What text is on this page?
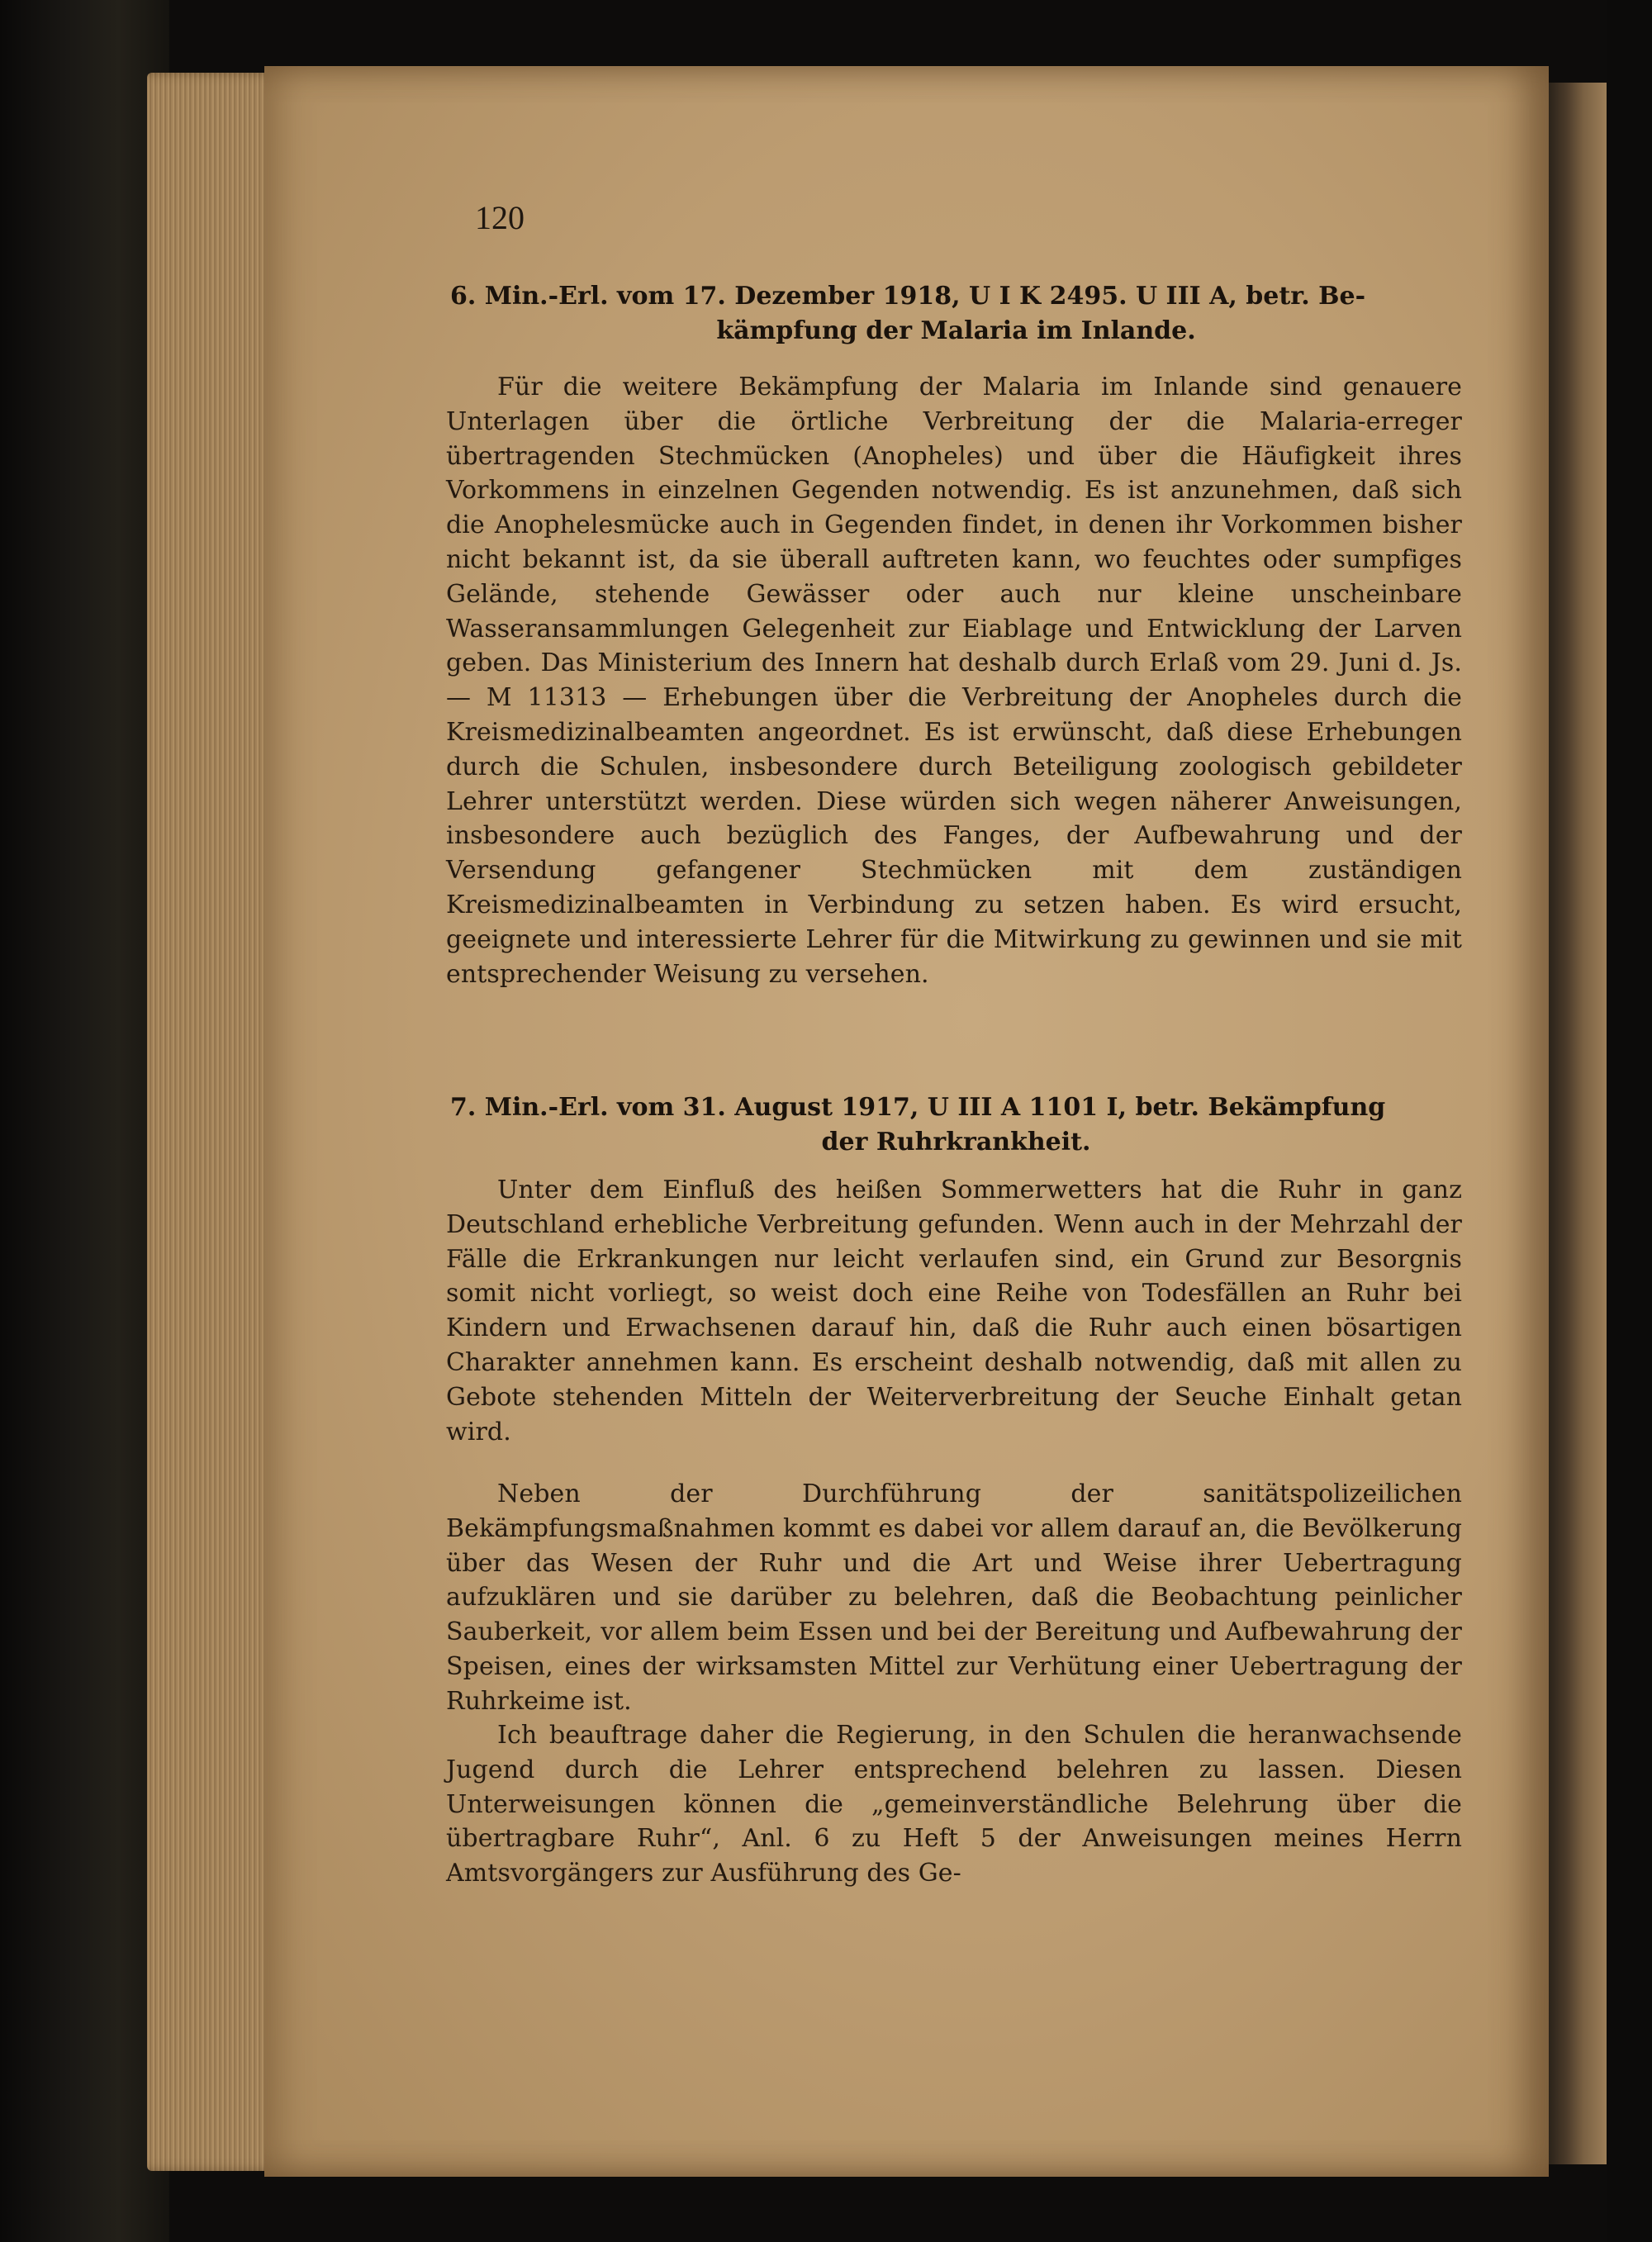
120
6. Min.-Erl. vom 17. Dezember 1918, U I K 2495. U III A, betr. Be-
kämpfung der Malaria im Inlande.
Für die weitere Bekämpfung der Malaria im Inlande sind genauere Unterlagen über die örtliche Verbreitung der die Malaria-erreger übertragenden Stechmücken (Anopheles) und über die Häufigkeit ihres Vorkommens in einzelnen Gegenden notwendig. Es ist anzunehmen, daß sich die Anophelesmücke auch in Gegenden findet, in denen ihr Vorkommen bisher nicht bekannt ist, da sie überall auftreten kann, wo feuchtes oder sumpfiges Gelände, stehende Gewässer oder auch nur kleine unscheinbare Wasseransammlungen Gelegenheit zur Eiablage und Entwicklung der Larven geben. Das Ministerium des Innern hat deshalb durch Erlaß vom 29. Juni d. Js. — M 11313 — Erhebungen über die Verbreitung der Anopheles durch die Kreismedizinalbeamten angeordnet. Es ist erwünscht, daß diese Erhebungen durch die Schulen, insbesondere durch Beteiligung zoologisch gebildeter Lehrer unterstützt werden. Diese würden sich wegen näherer Anweisungen, insbesondere auch bezüglich des Fanges, der Aufbewahrung und der Versendung gefangener Stechmücken mit dem zuständigen Kreismedizinalbeamten in Verbindung zu setzen haben. Es wird ersucht, geeignete und interessierte Lehrer für die Mitwirkung zu gewinnen und sie mit entsprechender Weisung zu versehen.
7. Min.-Erl. vom 31. August 1917, U III A 1101 I, betr. Bekämpfung
der Ruhrkrankheit.
Unter dem Einfluß des heißen Sommerwetters hat die Ruhr in ganz Deutschland erhebliche Verbreitung gefunden. Wenn auch in der Mehrzahl der Fälle die Erkrankungen nur leicht verlaufen sind, ein Grund zur Besorgnis somit nicht vorliegt, so weist doch eine Reihe von Todesfällen an Ruhr bei Kindern und Erwachsenen darauf hin, daß die Ruhr auch einen bösartigen Charakter annehmen kann. Es erscheint deshalb notwendig, daß mit allen zu Gebote stehenden Mitteln der Weiterverbreitung der Seuche Einhalt getan wird.
Neben der Durchführung der sanitätspolizeilichen Bekämpfungsmaßnahmen kommt es dabei vor allem darauf an, die Bevölkerung über das Wesen der Ruhr und die Art und Weise ihrer Uebertragung aufzuklären und sie darüber zu belehren, daß die Beobachtung peinlicher Sauberkeit, vor allem beim Essen und bei der Bereitung und Aufbewahrung der Speisen, eines der wirksamsten Mittel zur Verhütung einer Uebertragung der Ruhrkeime ist.
Ich beauftrage daher die Regierung, in den Schulen die heranwachsende Jugend durch die Lehrer entsprechend belehren zu lassen. Diesen Unterweisungen können die „gemeinverständliche Belehrung über die übertragbare Ruhr“, Anl. 6 zu Heft 5 der Anweisungen meines Herrn Amtsvorgängers zur Ausführung des Ge-
